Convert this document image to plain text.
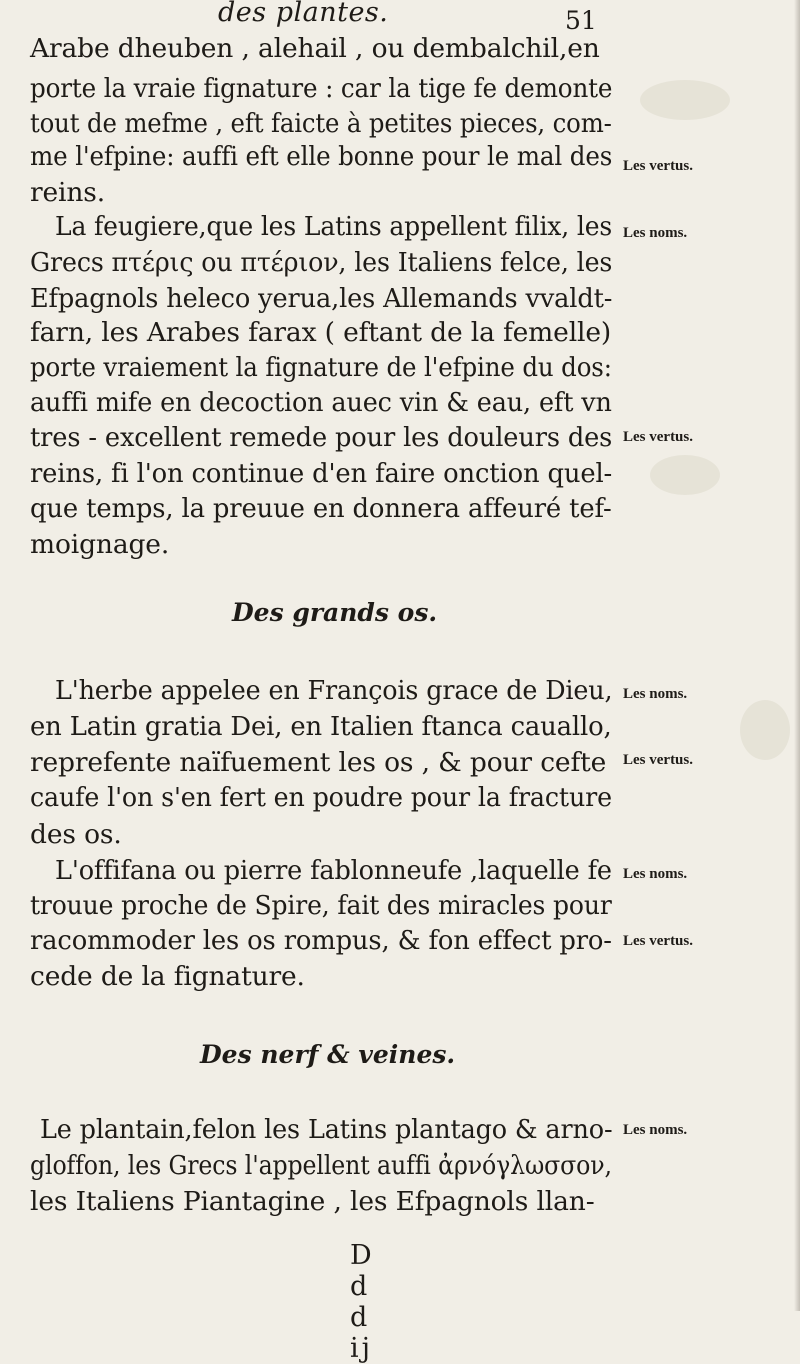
des plantes.	51
Arabe dheuben , alehail , ou dembalchil,en
porte la vraie fignature : car la tige fe demonte
tout de mefme , eft faicte à petites pieces, com-
me l'efpine: auffi eft elle bonne pour le mal des
reins.
La feugiere,que les Latins appellent filix, les
Grecs πτέρις ou πτέριον, les Italiens felce, les
Efpagnols heleco yerua,les Allemands vvaldt-
farn, les Arabes farax ( eftant de la femelle)
porte vraiement la fignature de l'efpine du dos:
auffi mife en decoction auec vin & eau, eft vn
tres - excellent remede pour les douleurs des
reins, fi l'on continue d'en faire onction quel-
que temps, la preuue en donnera affeuré tef-
moignage.
Des grands os.
L'herbe appelee en François grace de Dieu,
en Latin gratia Dei, en Italien ftanca cauallo,
reprefente naïfuement les os , & pour cefte
caufe l'on s'en fert en poudre pour la fracture
des os.
L'offifana ou pierre fablonneufe ,laquelle fe
trouue proche de Spire, fait des miracles pour
racommoder les os rompus, & fon effect pro-
cede de la fignature.
Des nerf & veines.
Le plantain,felon les Latins plantago & arno-
gloffon, les Grecs l'appellent auffi ἀρνόγλωσσον,
les Italiens Piantagine , les Efpagnols llan-
D d d ij
Les vertus.
Les noms.
Les vertus.
Les noms.
Les vertus.
Les noms.
Les vertus.
Les noms.
